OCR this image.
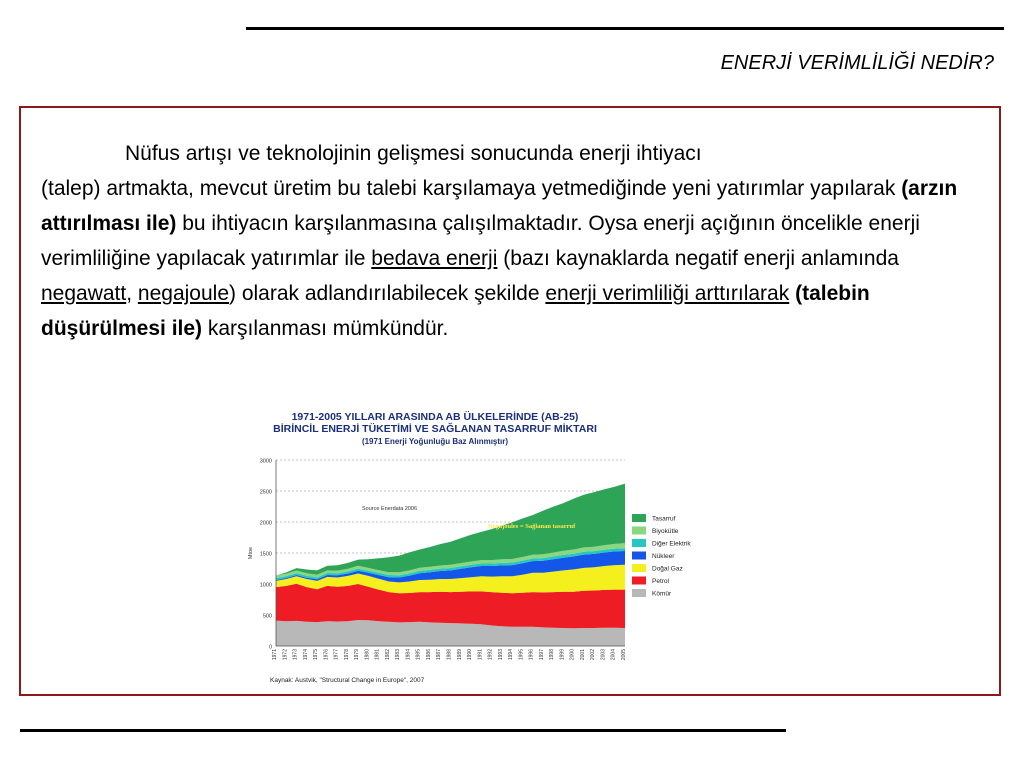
ENERJİ VERİMLİLİĞİ NEDİR?

Nüfus artışı ve teknolojinin gelişmesi sonucunda enerji ihtiyacı

(talep) artmakta, mevcut üretim bu talebi karşılamaya yetmediğinde yeni yatırımlar yapılarak (arzın attırılması ile) bu ihtiyacın karşılanmasına çalışılmaktadır. Oysa enerji açığının öncelikle enerji verimliliğine yapılacak yatırımlar ile bedava enerji (bazı kaynaklarda negatif enerji anlamında negawatt, negajoule) olarak adlandırılabilecek şekilde enerji verimliliği arttırılarak (talebin düşürülmesi ile) karşılanması mümkündür.

1971-2005 YILLARI ARASINDA AB ÜLKELERİNDE (AB-25)
BİRİNCİL ENERJİ TÜKETİMİ VE SAĞLANAN TASARRUF MİKTARI
(1971 Enerji Yoğunluğu Baz Alınmıştır)
0
500
1000
1500
2000
2500
3000
Mtoe
1971 1972 1973 1974 1975 1976 1977 1978 1979 1980 1981 1982 1983 1984 1985 1986 1987 1988 1989 1990 1991 1992 1993 1994 1995 1996 1997 1998 1999 2000 2001 2002 2003 2004 2005
Source Enerdata 2006
Negajoules = Sağlanan tasarruf
Tasarruf
Biyokütle
Diğer Elektrik
Nükleer
Doğal Gaz
Petrol
Kömür
Kaynak: Austvik, "Structural Change in Europe", 2007
